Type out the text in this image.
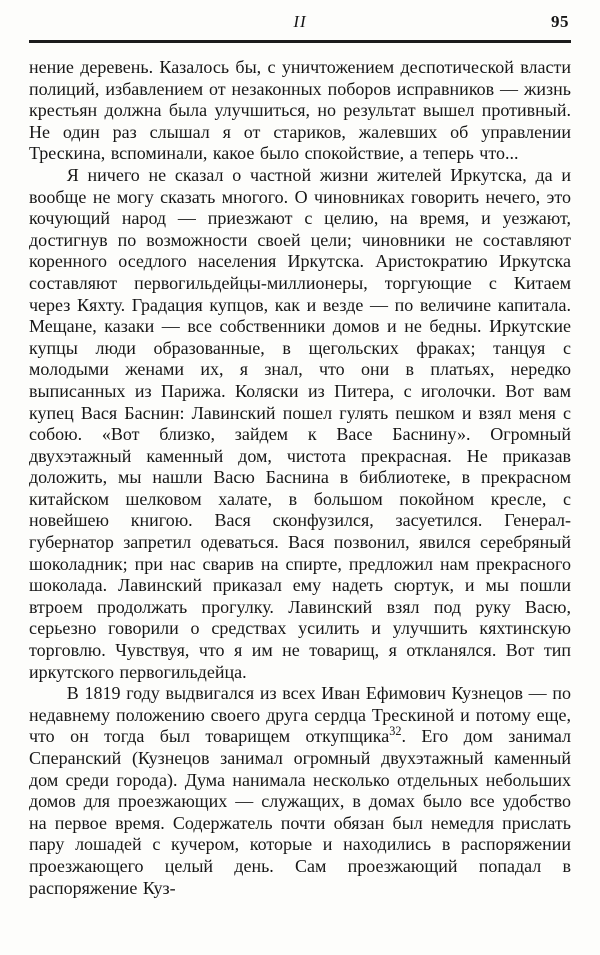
II	95

нение деревень. Казалось бы, с уничтожением деспотической власти полиций, избавлением от незаконных поборов исправников — жизнь крестьян должна была улучшиться, но результат вышел противный. Не один раз слышал я от стариков, жалевших об управлении Трескина, вспоминали, какое было спокойствие, а теперь что...

Я ничего не сказал о частной жизни жителей Иркутска, да и вообще не могу сказать многого. О чиновниках говорить нечего, это кочующий народ — приезжают с целию, на время, и уезжают, достигнув по возможности своей цели; чиновники не составляют коренного оседлого населения Иркутска. Аристократию Иркутска составляют первогильдейцы-миллионеры, торгующие с Китаем через Кяхту. Градация купцов, как и везде — по величине капитала. Мещане, казаки — все собственники домов и не бедны. Иркутские купцы люди образованные, в щегольских фраках; танцуя с молодыми женами их, я знал, что они в платьях, нередко выписанных из Парижа. Коляски из Питера, с иголочки. Вот вам купец Вася Баснин: Лавинский пошел гулять пешком и взял меня с собою. «Вот близко, зайдем к Васе Баснину». Огромный двухэтажный каменный дом, чистота прекрасная. Не приказав доложить, мы нашли Васю Баснина в библиотеке, в прекрасном китайском шелковом халате, в большом покойном кресле, с новейшею книгою. Вася сконфузился, засуетился. Генерал-губернатор запретил одеваться. Вася позвонил, явился серебряный шоколадник; при нас сварив на спирте, предложил нам прекрасного шоколада. Лавинский приказал ему надеть сюртук, и мы пошли втроем продолжать прогулку. Лавинский взял под руку Васю, серьезно говорили о средствах усилить и улучшить кяхтинскую торговлю. Чувствуя, что я им не товарищ, я откланялся. Вот тип иркутского первогильдейца.

В 1819 году выдвигался из всех Иван Ефимович Кузнецов — по недавнему положению своего друга сердца Трескиной и потому еще, что он тогда был товарищем откупщика$^{32}$. Его дом занимал Сперанский (Кузнецов занимал огромный двухэтажный каменный дом среди города). Дума нанимала несколько отдельных небольших домов для проезжающих — служащих, в домах было все удобство на первое время. Содержатель почти обязан был немедля прислать пару лошадей с кучером, которые и находились в распоряжении проезжающего целый день. Сам проезжающий попадал в распоряжение Куз-
